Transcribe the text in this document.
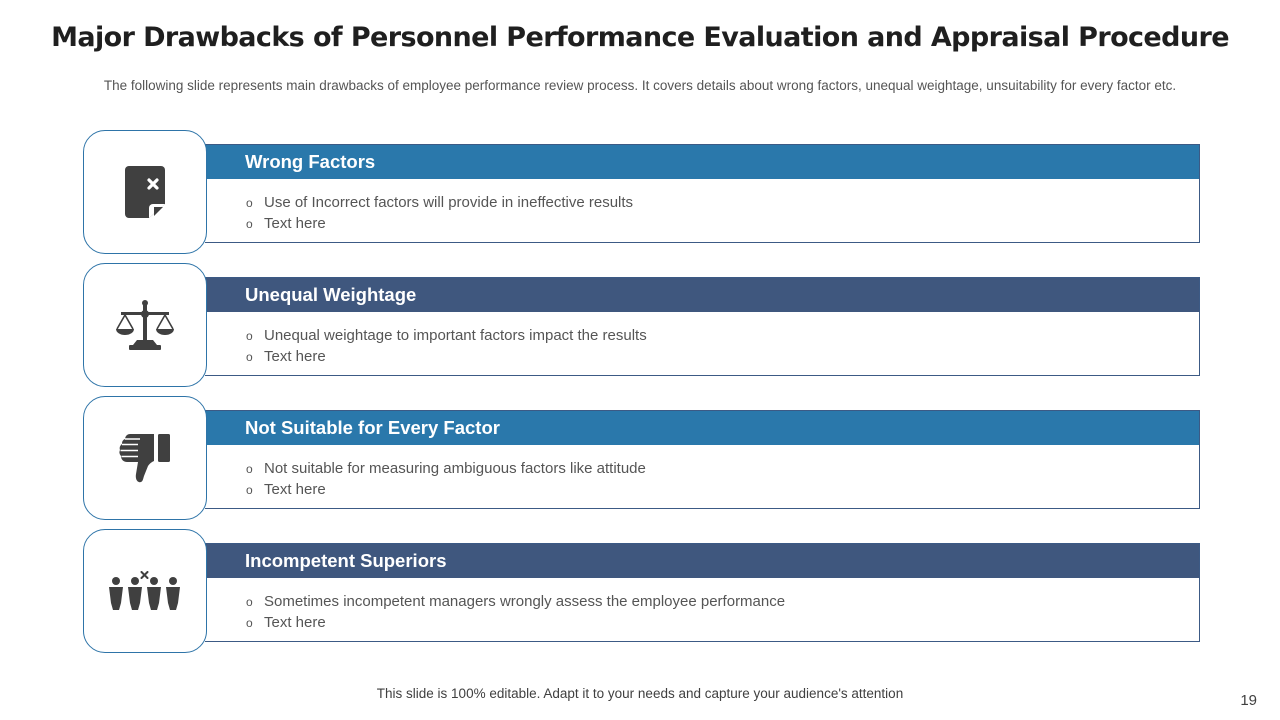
Major Drawbacks of Personnel Performance Evaluation and Appraisal Procedure
The following slide represents main drawbacks of employee performance review process. It covers details about wrong factors, unequal weightage, unsuitability for every factor etc.
Wrong Factors
o Use of Incorrect factors will provide in ineffective results
o Text here
Unequal Weightage
o Unequal weightage to important factors impact the results
o Text here
Not Suitable for Every Factor
o Not suitable for measuring ambiguous factors like attitude
o Text here
Incompetent Superiors
o Sometimes incompetent managers wrongly assess the employee performance
o Text here
This slide is 100% editable. Adapt it to your needs and capture your audience's attention	19
